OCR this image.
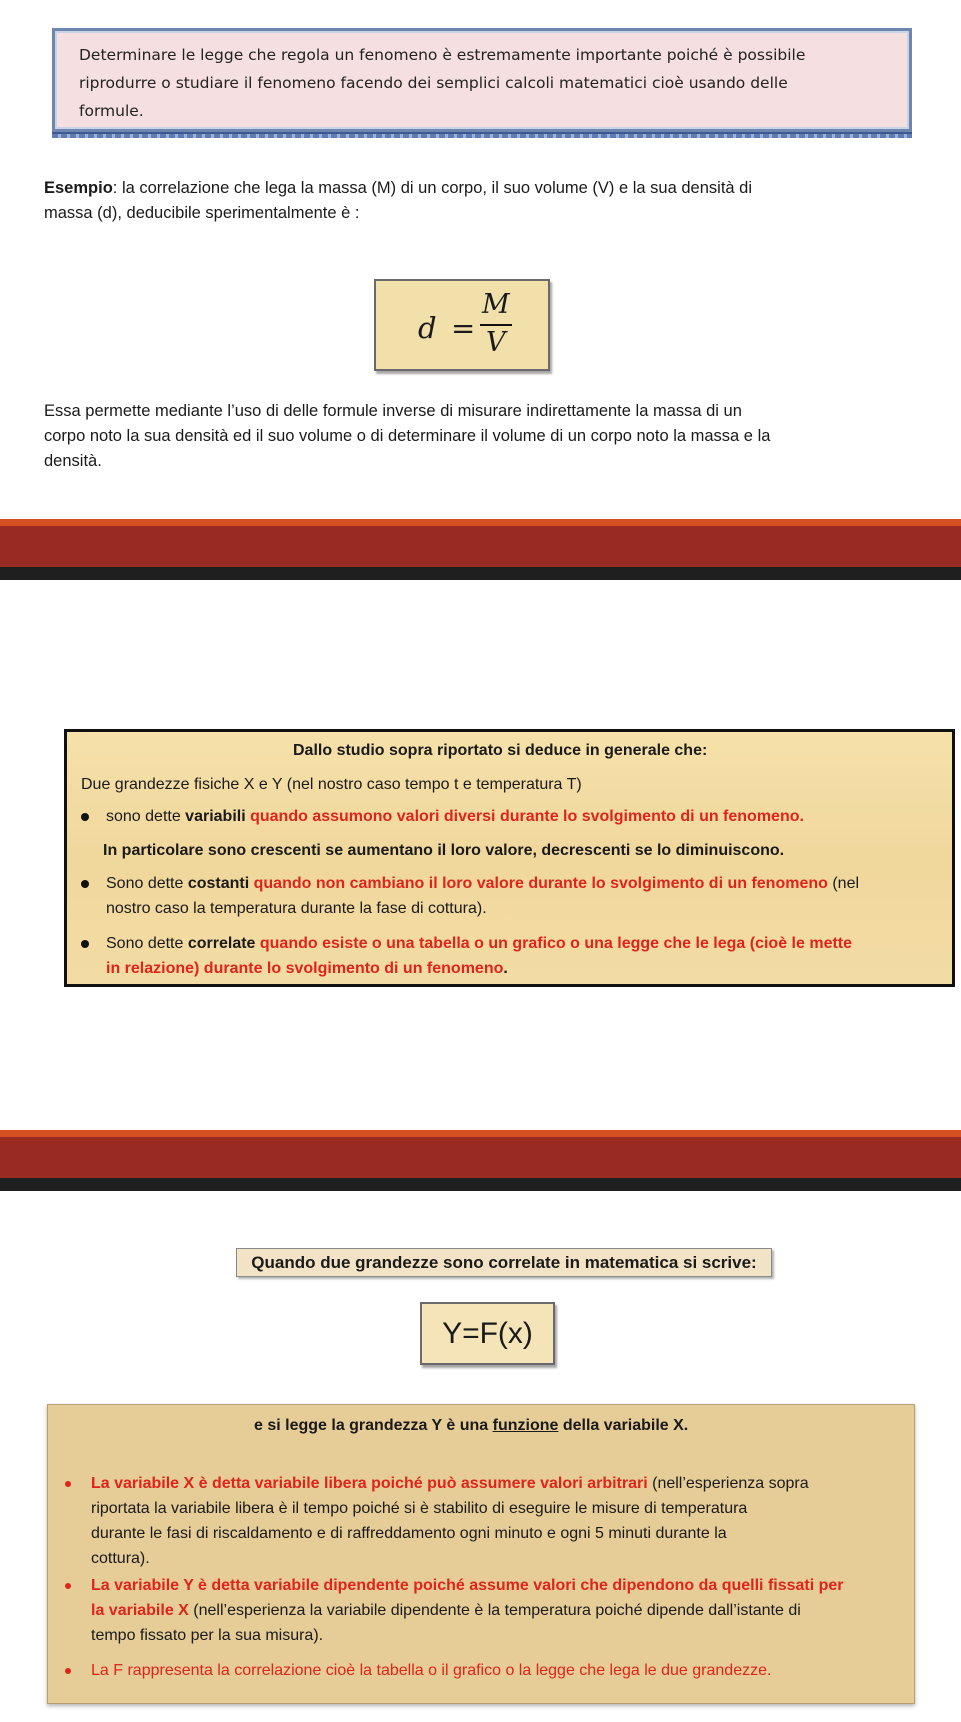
Determinare le legge che regola un fenomeno è estremamente importante poiché è possibile
riprodurre o studiare il fenomeno facendo dei semplici calcoli matematici cioè usando delle
formule.
Esempio: la correlazione che lega la massa (M) di un corpo, il suo volume (V) e la sua densità di
massa (d), deducibile sperimentalmente è :
d =
M
V
Essa permette mediante l’uso di delle formule inverse di misurare indirettamente la massa di un
corpo noto la sua densità ed il suo volume o di determinare il volume di un corpo noto la massa e la
densità.
Dallo studio sopra riportato si deduce in generale che:
Due grandezze fisiche X e Y (nel nostro caso tempo t e temperatura T)
sono dette variabili quando assumono valori diversi durante lo svolgimento di un fenomeno.
In particolare sono crescenti se aumentano il loro valore, decrescenti se lo diminuiscono.
Sono dette costanti quando non cambiano il loro valore durante lo svolgimento di un fenomeno (nel
nostro caso la temperatura durante la fase di cottura).
Sono dette correlate quando esiste o una tabella o un grafico o una legge che le lega (cioè le mette
in relazione) durante lo svolgimento di un fenomeno.
Quando due grandezze sono correlate in matematica si scrive:
Y=F(x)
e si legge la grandezza Y è una funzione della variabile X.
La variabile X è detta variabile libera poiché può assumere valori arbitrari (nell’esperienza sopra
riportata la variabile libera è il tempo poiché si è stabilito di eseguire le misure di temperatura
durante le fasi di riscaldamento e di raffreddamento ogni minuto e ogni 5 minuti durante la
cottura).
La variabile Y è detta variabile dipendente poiché assume valori che dipendono da quelli fissati per
la variabile X (nell’esperienza la variabile dipendente è la temperatura poiché dipende dall’istante di
tempo fissato per la sua misura).
La F rappresenta la correlazione cioè la tabella o il grafico o la legge che lega le due grandezze.
